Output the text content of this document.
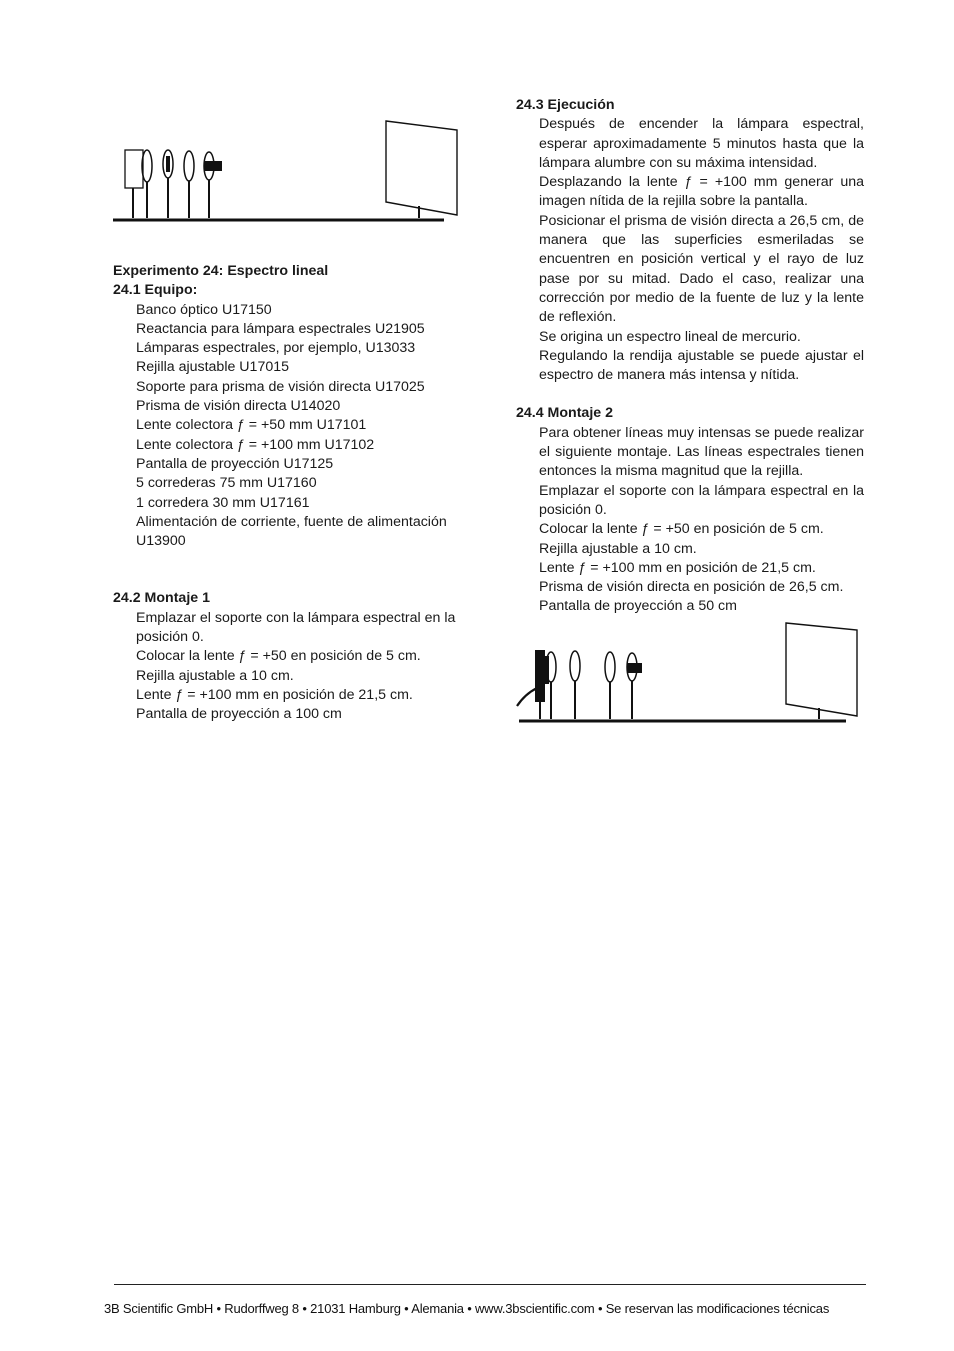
Experimento 24: Espectro lineal
24.1 Equipo:

Banco óptico U17150

Reactancia para lámpara espectrales U21905

Lámparas espectrales, por ejemplo, U13033

Rejilla ajustable U17015

Soporte para prisma de visión directa U17025

Prisma de visión directa U14020

Lente colectora ƒ = +50 mm U17101

Lente colectora ƒ = +100 mm U17102

Pantalla de proyección U17125

5 correderas 75 mm U17160

1 corredera 30 mm U17161

Alimentación de corriente, fuente de alimentación

U13900

24.2 Montaje 1

Emplazar el soporte con la lámpara espectral en la

posición 0.

Colocar la lente ƒ = +50 en posición de 5 cm.

Rejilla ajustable a 10 cm.

Lente ƒ = +100 mm en posición de 21,5 cm.

Pantalla de proyección a 100 cm

24.3 Ejecución

Después de encender la lámpara espectral, esperar aproximadamente 5 minutos hasta que la lámpara alumbre con su máxima intensidad.

Desplazando la lente ƒ = +100 mm generar una imagen nítida de la rejilla sobre la pantalla.

Posicionar el prisma de visión directa a 26,5 cm, de manera que las superficies esmeriladas se encuentren en posición vertical y el rayo de luz pase por su mitad. Dado el caso, realizar una corrección por medio de la fuente de luz y la lente de reflexión.

Se origina un espectro lineal de mercurio.

Regulando la rendija ajustable se puede ajustar el espectro de manera más intensa y nítida.

24.4 Montaje 2

Para obtener líneas muy intensas se puede realizar el siguiente montaje. Las líneas espectrales tienen entonces la misma magnitud que la rejilla.

Emplazar el soporte con la lámpara espectral en la posición 0.

Colocar la lente ƒ = +50 en posición de 5 cm.

Rejilla ajustable a 10 cm.

Lente ƒ = +100 mm en posición de 21,5 cm.

Prisma de visión directa en posición de 26,5 cm.

Pantalla de proyección a 50 cm

3B Scientific GmbH • Rudorffweg 8 • 21031 Hamburg • Alemania • www.3bscientific.com • Se reservan las modificaciones técnicas
